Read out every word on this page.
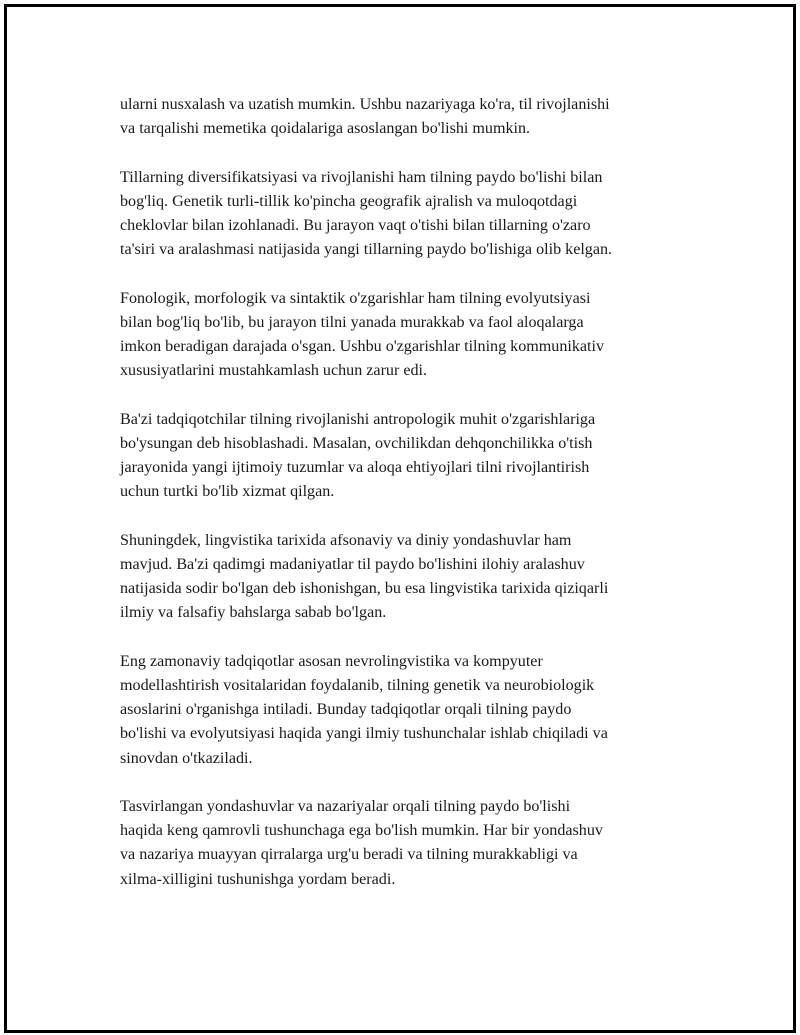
ularni nusxalash va uzatish mumkin. Ushbu nazariyaga ko'ra, til rivojlanishi
va tarqalishi memetika qoidalariga asoslangan bo'lishi mumkin.
Tillarning diversifikatsiyasi va rivojlanishi ham tilning paydo bo'lishi bilan
bog'liq. Genetik turli-tillik ko'pincha geografik ajralish va muloqotdagi
cheklovlar bilan izohlanadi. Bu jarayon vaqt o'tishi bilan tillarning o'zaro
ta'siri va aralashmasi natijasida yangi tillarning paydo bo'lishiga olib kelgan.
Fonologik, morfologik va sintaktik o'zgarishlar ham tilning evolyutsiyasi
bilan bog'liq bo'lib, bu jarayon tilni yanada murakkab va faol aloqalarga
imkon beradigan darajada o'sgan. Ushbu o'zgarishlar tilning kommunikativ
xususiyatlarini mustahkamlash uchun zarur edi.
Ba'zi tadqiqotchilar tilning rivojlanishi antropologik muhit o'zgarishlariga
bo'ysungan deb hisoblashadi. Masalan, ovchilikdan dehqonchilikka o'tish
jarayonida yangi ijtimoiy tuzumlar va aloqa ehtiyojlari tilni rivojlantirish
uchun turtki bo'lib xizmat qilgan.
Shuningdek, lingvistika tarixida afsonaviy va diniy yondashuvlar ham
mavjud. Ba'zi qadimgi madaniyatlar til paydo bo'lishini ilohiy aralashuv
natijasida sodir bo'lgan deb ishonishgan, bu esa lingvistika tarixida qiziqarli
ilmiy va falsafiy bahslarga sabab bo'lgan.
Eng zamonaviy tadqiqotlar asosan nevrolingvistika va kompyuter
modellashtirish vositalaridan foydalanib, tilning genetik va neurobiologik
asoslarini o'rganishga intiladi. Bunday tadqiqotlar orqali tilning paydo
bo'lishi va evolyutsiyasi haqida yangi ilmiy tushunchalar ishlab chiqiladi va
sinovdan o'tkaziladi.
Tasvirlangan yondashuvlar va nazariyalar orqali tilning paydo bo'lishi
haqida keng qamrovli tushunchaga ega bo'lish mumkin. Har bir yondashuv
va nazariya muayyan qirralarga urg'u beradi va tilning murakkabligi va
xilma-xilligini tushunishga yordam beradi.
